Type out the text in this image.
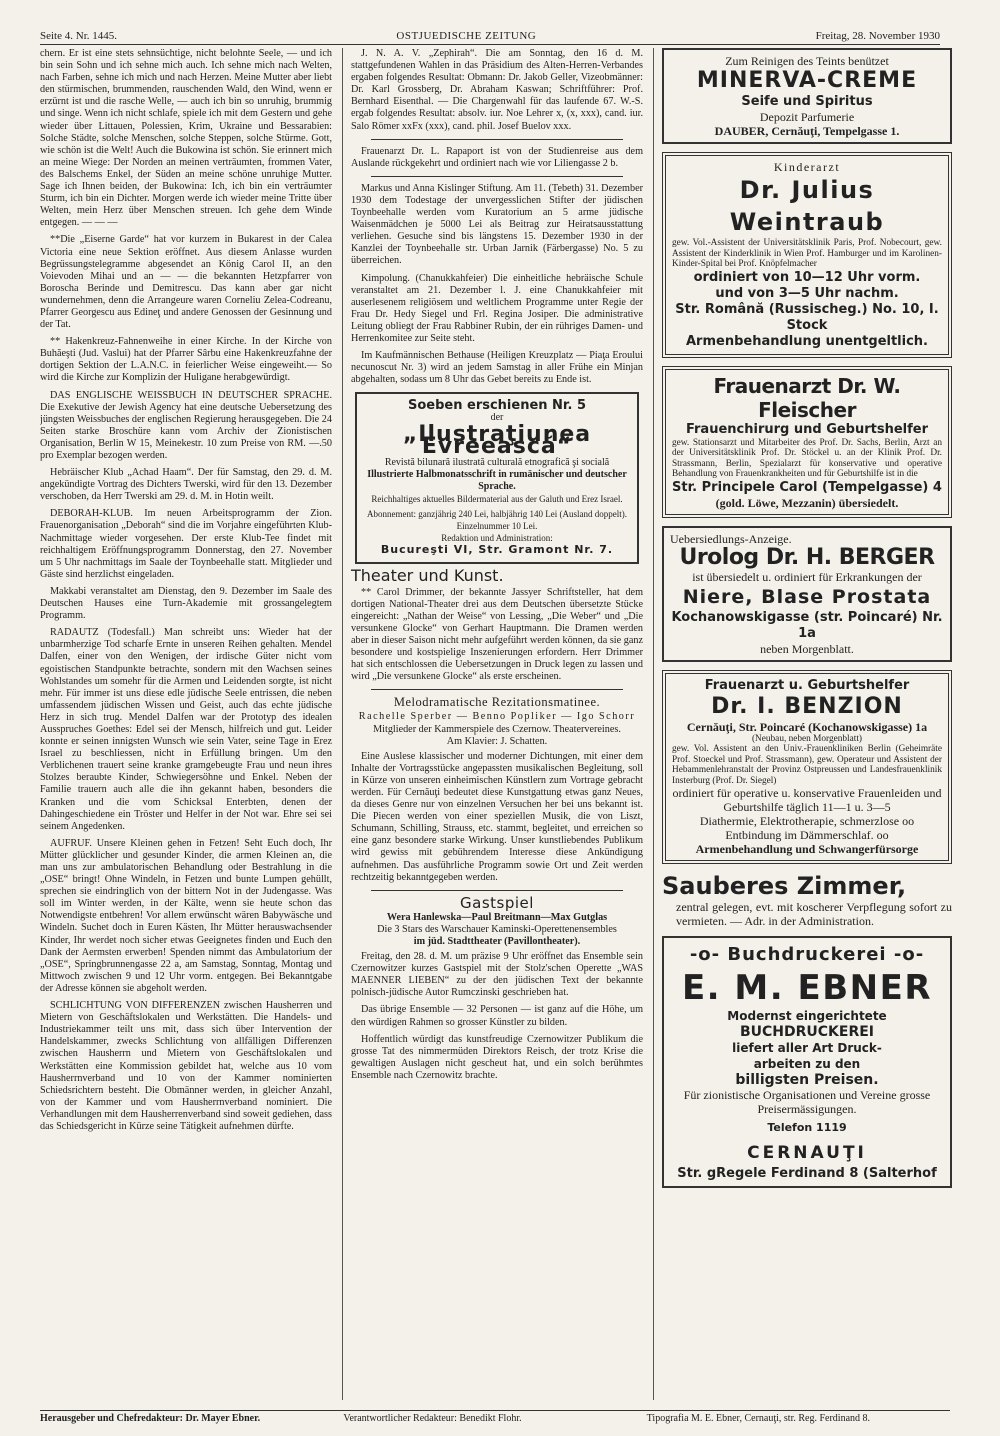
Seite 4. Nr. 1445.	OSTJUEDISCHE ZEITUNG	Freitag, 28. November 1930

chern. Er ist eine stets sehnsüchtige, nicht belohnte Seele, — und ich bin sein Sohn und ich sehne mich auch. Ich sehne mich nach Welten, nach Farben, sehne ich mich und nach Herzen. Meine Mutter aber liebt den stürmischen, brummenden, rauschenden Wald, den Wind, wenn er erzürnt ist und die rasche Welle, — auch ich bin so unruhig, brummig und singe. Wenn ich nicht schlafe, spiele ich mit dem Gestern und gehe wieder über Littauen, Polessien, Krim, Ukraine und Bessarabien: Solche Städte, solche Menschen, solche Steppen, solche Stürme. Gott, wie schön ist die Welt! Auch die Bukowina ist schön. Sie erinnert mich an meine Wiege: Der Norden an meinen verträumten, frommen Vater, des Balschems Enkel, der Süden an meine schöne unruhige Mutter. Sage ich Ihnen beiden, der Bukowina: Ich, ich bin ein verträumter Sturm, ich bin ein Dichter. Morgen werde ich wieder meine Tritte über Welten, mein Herz über Menschen streuen. Ich gehe dem Winde entgegen. — — —

**Die „Eiserne Garde“ hat vor kurzem in Bukarest in der Calea Victoria eine neue Sektion eröffnet. Aus diesem Anlasse wurden Begrüssungstelegramme abgesendet an König Carol II, an den Voievoden Mihai und an — — die bekannten Hetzpfarrer von Boroscha Berinde und Demitrescu. Das kann aber gar nicht wundernehmen, denn die Arrangeure waren Corneliu Zelea-Codreanu, Pfarrer Georgescu aus Edineţ und andere Genossen der Gesinnung und der Tat.

** Hakenkreuz-Fahnenweihe in einer Kirche. In der Kirche von Buhăeşti (Jud. Vaslui) hat der Pfarrer Sârbu eine Hakenkreuzfahne der dortigen Sektion der L.A.N.C. in feierlicher Weise eingeweiht.— So wird die Kirche zur Komplizin der Huligane herabgewürdigt.

DAS ENGLISCHE WEISSBUCH IN DEUTSCHER SPRACHE. Die Exekutive der Jewish Agency hat eine deutsche Uebersetzung des jüngsten Weissbuches der englischen Regierung herausgegeben. Die 24 Seiten starke Broschüre kann vom Archiv der Zionistischen Organisation, Berlin W 15, Meinekestr. 10 zum Preise von RM. —.50 pro Exemplar bezogen werden.

Hebräischer Klub „Achad Haam“. Der für Samstag, den 29. d. M. angekündigte Vortrag des Dichters Twerski, wird für den 13. Dezember verschoben, da Herr Twerski am 29. d. M. in Hotin weilt.

DEBORAH-KLUB. Im neuen Arbeitsprogramm der Zion. Frauenorganisation „Deborah“ sind die im Vorjahre eingeführten Klub-Nachmittage wieder vorgesehen. Der erste Klub-Tee findet mit reichhaltigem Eröffnungsprogramm Donnerstag, den 27. November um 5 Uhr nachmittags im Saale der Toynbeehalle statt. Mitglieder und Gäste sind herzlichst eingeladen.

Makkabi veranstaltet am Dienstag, den 9. Dezember im Saale des Deutschen Hauses eine Turn-Akademie mit grossangelegtem Programm.

RADAUTZ (Todesfall.) Man schreibt uns: Wieder hat der unbarmherzige Tod scharfe Ernte in unseren Reihen gehalten. Mendel Dalfen, einer von den Wenigen, der irdische Güter nicht vom egoistischen Standpunkte betrachte, sondern mit den Wachsen seines Wohlstandes um somehr für die Armen und Leidenden sorgte, ist nicht mehr. Für immer ist uns diese edle jüdische Seele entrissen, die neben umfassendem jüdischen Wissen und Geist, auch das echte jüdische Herz in sich trug. Mendel Dalfen war der Prototyp des idealen Ausspruches Goethes: Edel sei der Mensch, hilfreich und gut. Leider konnte er seinen innigsten Wunsch wie sein Vater, seine Tage in Erez Israel zu beschliessen, nicht in Erfüllung bringen. Um den Verblichenen trauert seine kranke gramgebeugte Frau und neun ihres Stolzes beraubte Kinder, Schwiegersöhne und Enkel. Neben der Familie trauern auch alle die ihn gekannt haben, besonders die Kranken und die vom Schicksal Enterbten, denen der Dahingeschiedene ein Tröster und Helfer in der Not war. Ehre sei sei seinem Angedenken.

AUFRUF. Unsere Kleinen gehen in Fetzen! Seht Euch doch, Ihr Mütter glücklicher und gesunder Kinder, die armen Kleinen an, die man uns zur ambulatorischen Behandlung oder Bestrahlung in die „OSE“ bringt! Ohne Windeln, in Fetzen und bunte Lumpen gehüllt, sprechen sie eindringlich von der bittern Not in der Judengasse. Was soll im Winter werden, in der Kälte, wenn sie heute schon das Notwendigste entbehren! Vor allem erwünscht wären Babywäsche und Windeln. Suchet doch in Euren Kästen, Ihr Mütter herauswachsender Kinder, Ihr werdet noch sicher etwas Geeignetes finden und Euch den Dank der Aermsten erwerben! Spenden nimmt das Ambulatorium der „OSE“, Springbrunnengasse 22 a, am Samstag, Sonntag, Montag und Mittwoch zwischen 9 und 12 Uhr vorm. entgegen. Bei Bekanntgabe der Adresse können sie abgeholt werden.

SCHLICHTUNG VON DIFFERENZEN zwischen Hausherren und Mietern von Geschäftslokalen und Werkstätten. Die Handels- und Industriekammer teilt uns mit, dass sich über Intervention der Handelskammer, zwecks Schlichtung von allfälligen Differenzen zwischen Hausherrn und Mietern von Geschäftslokalen und Werkstätten eine Kommission gebildet hat, welche aus 10 vom Hausherrnverband und 10 von der Kammer nominierten Schiedsrichtern besteht. Die Obmänner werden, in gleicher Anzahl, von der Kammer und vom Hausherrnverband nominiert. Die Verhandlungen mit dem Hausherrenverband sind soweit gediehen, dass das Schiedsgericht in Kürze seine Tätigkeit aufnehmen dürfte.

J. N. A. V. „Zephirah“. Die am Sonntag, den 16 d. M. stattgefundenen Wahlen in das Präsidium des Alten-Herren-Verbandes ergaben folgendes Resultat: Obmann: Dr. Jakob Geller, Vizeobmänner: Dr. Karl Grossberg, Dr. Abraham Kaswan; Schriftführer: Prof. Bernhard Eisenthal. — Die Chargenwahl für das laufende 67. W.-S. ergab folgendes Resultat: absolv. iur. Noe Lehrer x, (x, xxx), cand. iur. Salo Römer xxFx (xxx), cand. phil. Josef Buelov xxx.

Frauenarzt Dr. L. Rapaport ist von der Studienreise aus dem Auslande rückgekehrt und ordiniert nach wie vor Liliengasse 2 b.

Markus und Anna Kislinger Stiftung. Am 11. (Tebeth) 31. Dezember 1930 dem Todestage der unvergesslichen Stifter der jüdischen Toynbeehalle werden vom Kuratorium an 5 arme jüdische Waisenmädchen je 5000 Lei als Beitrag zur Heiratsausstattung verliehen. Gesuche sind bis längstens 15. Dezember 1930 in der Kanzlei der Toynbeehalle str. Urban Jarnik (Färbergasse) No. 5 zu überreichen.

Kimpolung. (Chanukkahfeier) Die einheitliche hebräische Schule veranstaltet am 21. Dezember l. J. eine Chanukkahfeier mit auserlesenem religiösem und weltlichem Programme unter Regie der Frau Dr. Hedy Siegel und Frl. Regina Josiper. Die administrative Leitung obliegt der Frau Rabbiner Rubin, der ein rühriges Damen- und Herrenkomitee zur Seite steht.

Im Kaufmännischen Bethause (Heiligen Kreuzplatz — Piaţa Eroului necunoscut Nr. 3) wird an jedem Samstag in aller Frühe ein Minjan abgehalten, sodass um 8 Uhr das Gebet bereits zu Ende ist.

Soeben erschienen Nr. 5
der
„Ilustraţiunea Evreească“
Revistă bilunară ilustrată culturală etnografică şi socială
Illustrierte Halbmonatsschrift in rumänischer und deutscher Sprache.
Reichhaltiges aktuelles Bildermaterial aus der Galuth und Erez Israel.
Abonnement: ganzjährig 240 Lei, halbjährig 140 Lei (Ausland doppelt). Einzelnummer 10 Lei.
Redaktion und Administration:
Bucureşti VI, Str. Gramont Nr. 7.
Theater und Kunst.

** Carol Drimmer, der bekannte Jassyer Schriftsteller, hat dem dortigen National-Theater drei aus dem Deutschen übersetzte Stücke eingereicht: „Nathan der Weise“ von Lessing, „Die Weber“ und „Die versunkene Glocke“ von Gerhart Hauptmann. Die Dramen werden aber in dieser Saison nicht mehr aufgeführt werden können, da sie ganz besondere und kostspielige Inszenierungen erfordern. Herr Drimmer hat sich entschlossen die Uebersetzungen in Druck legen zu lassen und wird „Die versunkene Glocke“ als erste erscheinen.

Melodramatische Rezitationsmatinee.
Rachelle Sperber — Benno Popliker — Igo Schorr
Mitglieder der Kammerspiele des Czernow. Theatervereines.
Am Klavier: J. Schatten.

Eine Auslese klassischer und moderner Dichtungen, mit einer dem Inhalte der Vortragsstücke angepassten musikalischen Begleitung, soll in Kürze von unseren einheimischen Künstlern zum Vortrage gebracht werden. Für Cernăuţi bedeutet diese Kunstgattung etwas ganz Neues, da dieses Genre nur von einzelnen Versuchen her bei uns bekannt ist. Die Piecen werden von einer speziellen Musik, die von Liszt, Schumann, Schilling, Strauss, etc. stammt, begleitet, und erreichen so eine ganz besondere starke Wirkung. Unser kunstliebendes Publikum wird gewiss mit gebührendem Interesse diese Ankündigung aufnehmen. Das ausführliche Programm sowie Ort und Zeit werden rechtzeitig bekanntgegeben werden.

Gastspiel
Wera Hanlewska—Paul Breitmann—Max Gutglas
Die 3 Stars des Warschauer Kaminski-Operettenensembles
im jüd. Stadttheater (Pavillontheater).

Freitag, den 28. d. M. um präzise 9 Uhr eröffnet das Ensemble sein Czernowitzer kurzes Gastspiel mit der Stolz'schen Operette „WAS MAENNER LIEBEN“ zu der den jüdischen Text der bekannte polnisch-jüdische Autor Rumczinski geschrieben hat.

Das übrige Ensemble — 32 Personen — ist ganz auf die Höhe, um den würdigen Rahmen so grosser Künstler zu bilden.

Hoffentlich würdigt das kunstfreudige Czernowitzer Publikum die grosse Tat des nimmermüden Direktors Reisch, der trotz Krise die gewaltigen Auslagen nicht gescheut hat, und ein solch berühmtes Ensemble nach Czernowitz brachte.

Zum Reinigen des Teints benützet
MINERVA-CREME
Seife und Spiritus
Depozit Parfumerie
DAUBER, Cernăuţi, Tempelgasse 1.
Kinderarzt
Dr. Julius Weintraub
gew. Vol.-Assistent der Universitätsklinik Paris, Prof. Nobecourt, gew. Assistent der Kinderklinik in Wien Prof. Hamburger und im Karolinen-Kinder-Spital bei Prof. Knöpfelmacher
ordiniert von 10—12 Uhr vorm.
und von 3—5 Uhr nachm.
Str. Română (Russischeg.) No. 10, I. Stock
Armenbehandlung unentgeltlich.
Frauenarzt Dr. W. Fleischer
Frauenchirurg und Geburtshelfer
gew. Stationsarzt und Mitarbeiter des Prof. Dr. Sachs, Berlin, Arzt an der Universitätsklinik Prof. Dr. Stöckel u. an der Klinik Prof. Dr. Strassmann, Berlin, Spezialarzt für konservative und operative Behandlung von Frauenkrankheiten und für Geburtshilfe ist in die
Str. Principele Carol (Tempelgasse) 4
(gold. Löwe, Mezzanin) übersiedelt.
Uebersiedlungs-Anzeige.
Urolog Dr. H. BERGER
ist übersiedelt u. ordiniert für Erkrankungen der
Niere, Blase Prostata
Kochanowskigasse (str. Poincaré) Nr. 1a
neben Morgenblatt.
Frauenarzt u. Geburtshelfer
Dr. I. BENZION
Cernăuţi, Str. Poincaré (Kochanowskigasse) 1a
(Neubau, neben Morgenblatt)
gew. Vol. Assistent an den Univ.-Frauenkliniken Berlin (Geheimräte Prof. Stoeckel und Prof. Strassmann), gew. Operateur und Assistent der Hebammenlehranstalt der Provinz Ostpreussen und Landesfrauenklinik Insterburg (Prof. Dr. Siegel)
ordiniert für operative u. konservative Frauenleiden und Geburtshilfe täglich 11—1 u. 3—5
Diathermie, Elektrotherapie, schmerzlose oo Entbindung im Dämmerschlaf. oo
Armenbehandlung und Schwangerfürsorge
Sauberes Zimmer,
zentral gelegen, evt. mit koscherer Verpflegung sofort zu vermieten. — Adr. in der Administration.
-o- Buchdruckerei -o-
E. M. EBNER
Modernst eingerichtete
BUCHDRUCKEREI
liefert aller Art Druck-
arbeiten zu den
billigsten Preisen.
Für zionistische Organisationen und Vereine grosse
Preisermässigungen.
Telefon 1119
CERNAUŢI
Str. gRegele Ferdinand 8 (Salterhof
Herausgeber und Chefredakteur: Dr. Mayer Ebner.	Verantwortlicher Redakteur: Benedikt Flohr.	Tipografia M. E. Ebner, Cernauţi, str. Reg. Ferdinand 8.
